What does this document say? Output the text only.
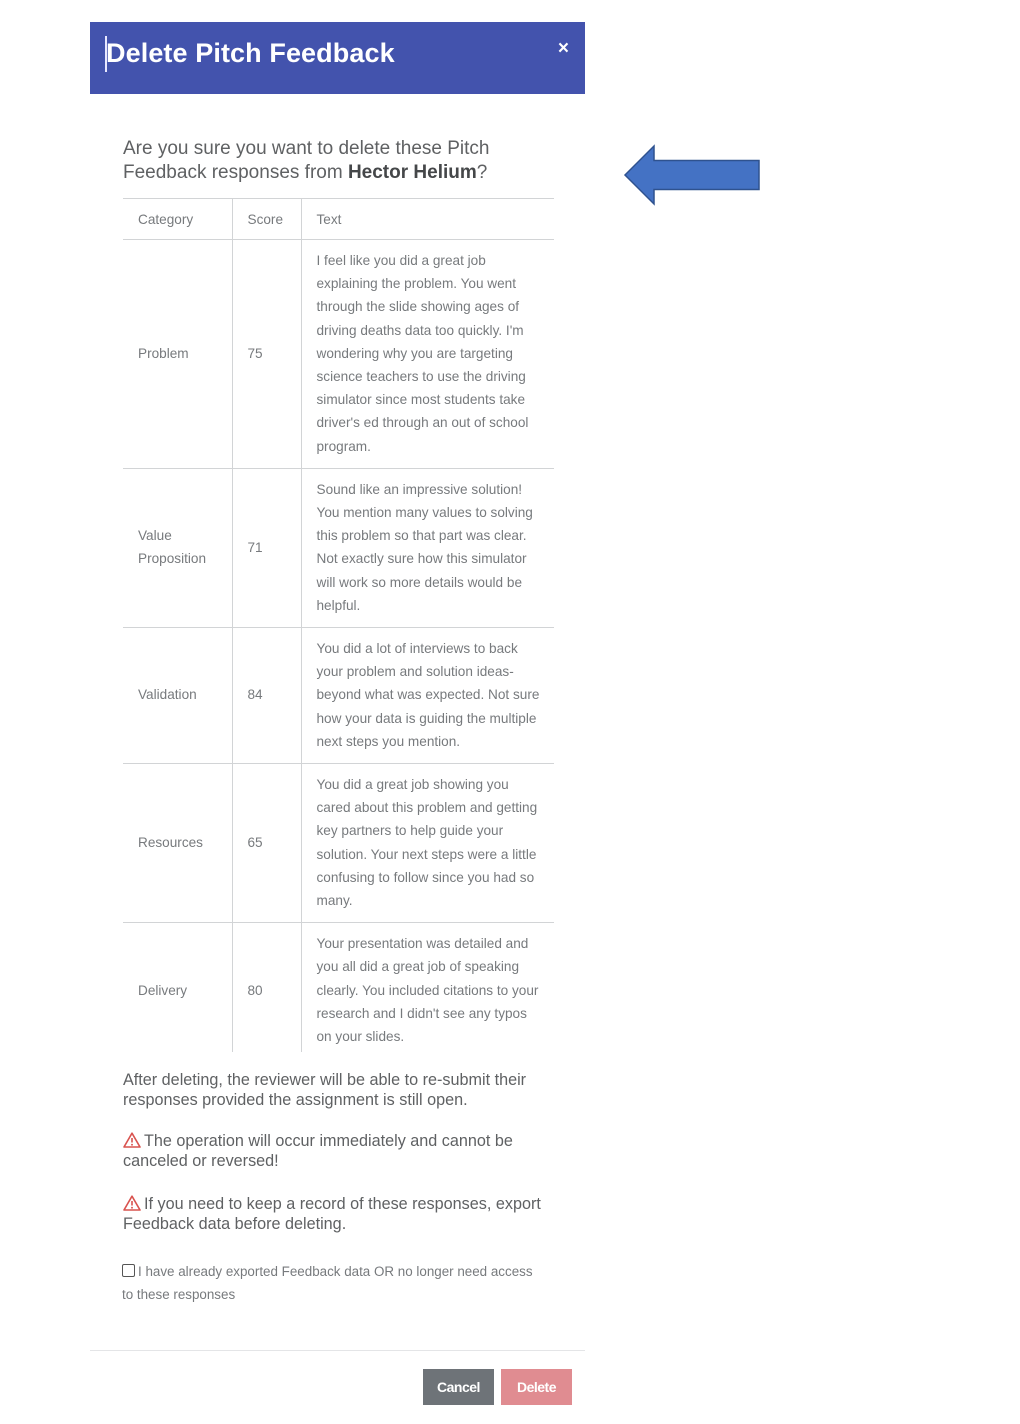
Delete Pitch Feedback	×
Are you sure you want to delete these Pitch Feedback responses from Hector Helium?
Category	Score	Text
Problem	75	I feel like you did a great job explaining the problem. You went through the slide showing ages of driving deaths data too quickly. I'm wondering why you are targeting science teachers to use the driving simulator since most students take driver's ed through an out of school program.
Value Proposition	71	Sound like an impressive solution! You mention many values to solving this problem so that part was clear. Not exactly sure how this simulator will work so more details would be helpful.
Validation	84	You did a lot of interviews to back your problem and solution ideas- beyond what was expected. Not sure how your data is guiding the multiple next steps you mention.
Resources	65	You did a great job showing you cared about this problem and getting key partners to help guide your solution. Your next steps were a little confusing to follow since you had so many.
Delivery	80	Your presentation was detailed and you all did a great job of speaking clearly. You included citations to your research and I didn't see any typos on your slides.
After deleting, the reviewer will be able to re-submit their responses provided the assignment is still open.
The operation will occur immediately and cannot be canceled or reversed!
If you need to keep a record of these responses, export Feedback data before deleting.
I have already exported Feedback data OR no longer need access to these responses
Cancel	Delete
